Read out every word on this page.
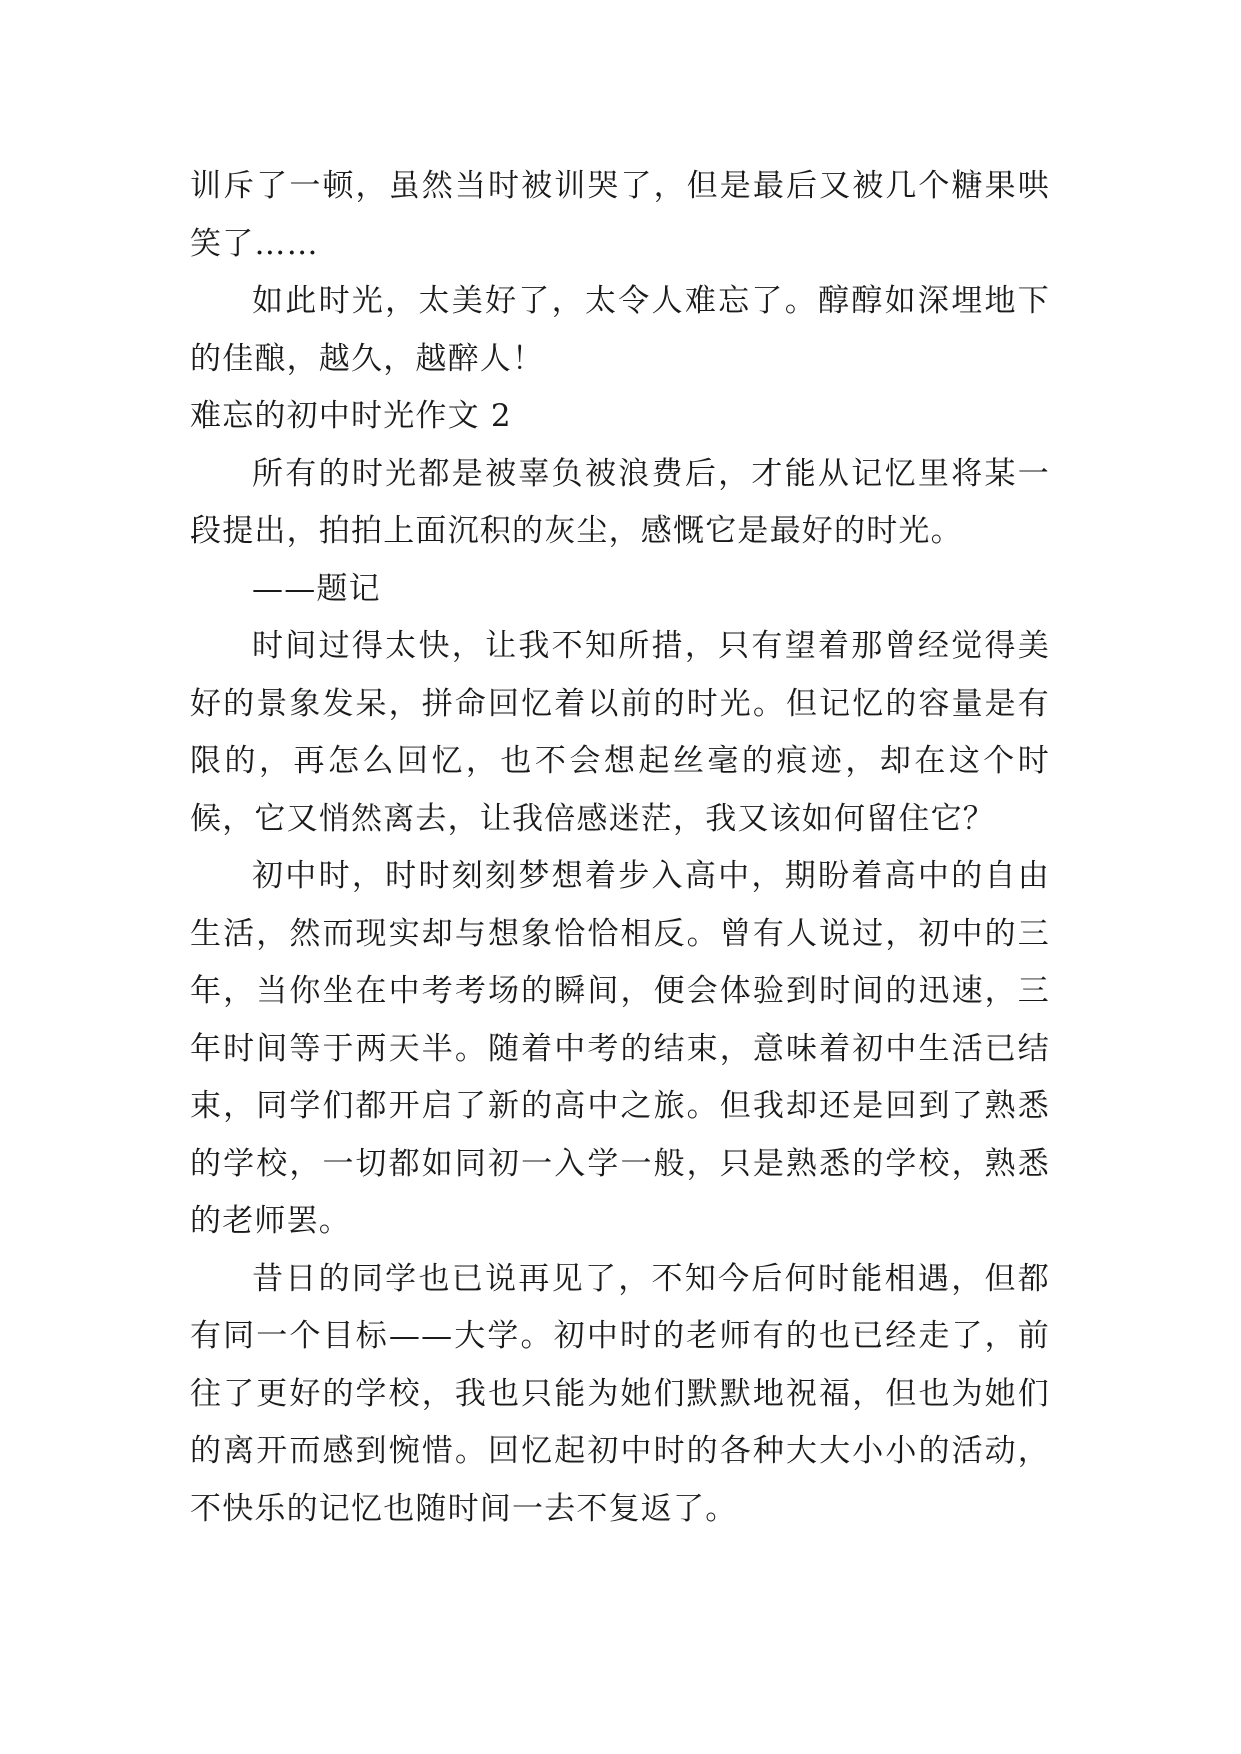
训斥了一顿，虽然当时被训哭了，但是最后又被几个糖果哄笑了……

如此时光，太美好了，太令人难忘了。醇醇如深埋地下的佳酿，越久，越醉人！

难忘的初中时光作文 2

所有的时光都是被辜负被浪费后，才能从记忆里将某一段提出，拍拍上面沉积的灰尘，感慨它是最好的时光。

——题记

时间过得太快，让我不知所措，只有望着那曾经觉得美好的景象发呆，拼命回忆着以前的时光。但记忆的容量是有限的，再怎么回忆，也不会想起丝毫的痕迹，却在这个时候，它又悄然离去，让我倍感迷茫，我又该如何留住它？

初中时，时时刻刻梦想着步入高中，期盼着高中的自由生活，然而现实却与想象恰恰相反。曾有人说过，初中的三年，当你坐在中考考场的瞬间，便会体验到时间的迅速，三年时间等于两天半。随着中考的结束，意味着初中生活已结束，同学们都开启了新的高中之旅。但我却还是回到了熟悉的学校，一切都如同初一入学一般，只是熟悉的学校，熟悉的老师罢。

昔日的同学也已说再见了，不知今后何时能相遇，但都有同一个目标——大学。初中时的老师有的也已经走了，前往了更好的学校，我也只能为她们默默地祝福，但也为她们的离开而感到惋惜。回忆起初中时的各种大大小小的活动，不快乐的记忆也随时间一去不复返了。
